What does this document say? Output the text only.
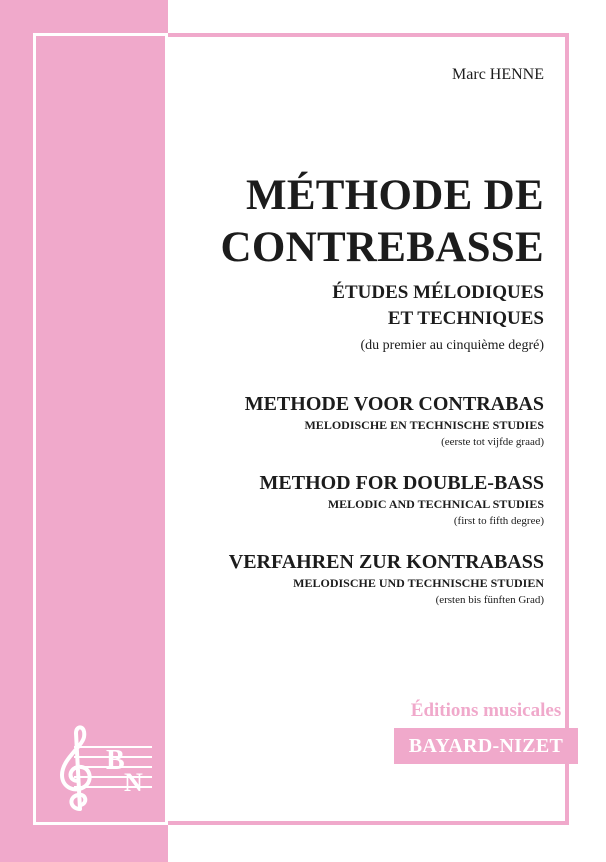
Marc HENNE
MÉTHODE DE
CONTREBASSE
ÉTUDES MÉLODIQUES
ET TECHNIQUES
(du premier au cinquième degré)
METHODE VOOR CONTRABAS
MELODISCHE EN TECHNISCHE STUDIES
(eerste tot vijfde graad)
METHOD FOR DOUBLE-BASS
MELODIC AND TECHNICAL STUDIES
(first to fifth degree)
VERFAHREN ZUR KONTRABASS
MELODISCHE UND TECHNISCHE STUDIEN
(ersten bis fünften Grad)
Éditions musicales
BAYARD-NIZET
B
N
